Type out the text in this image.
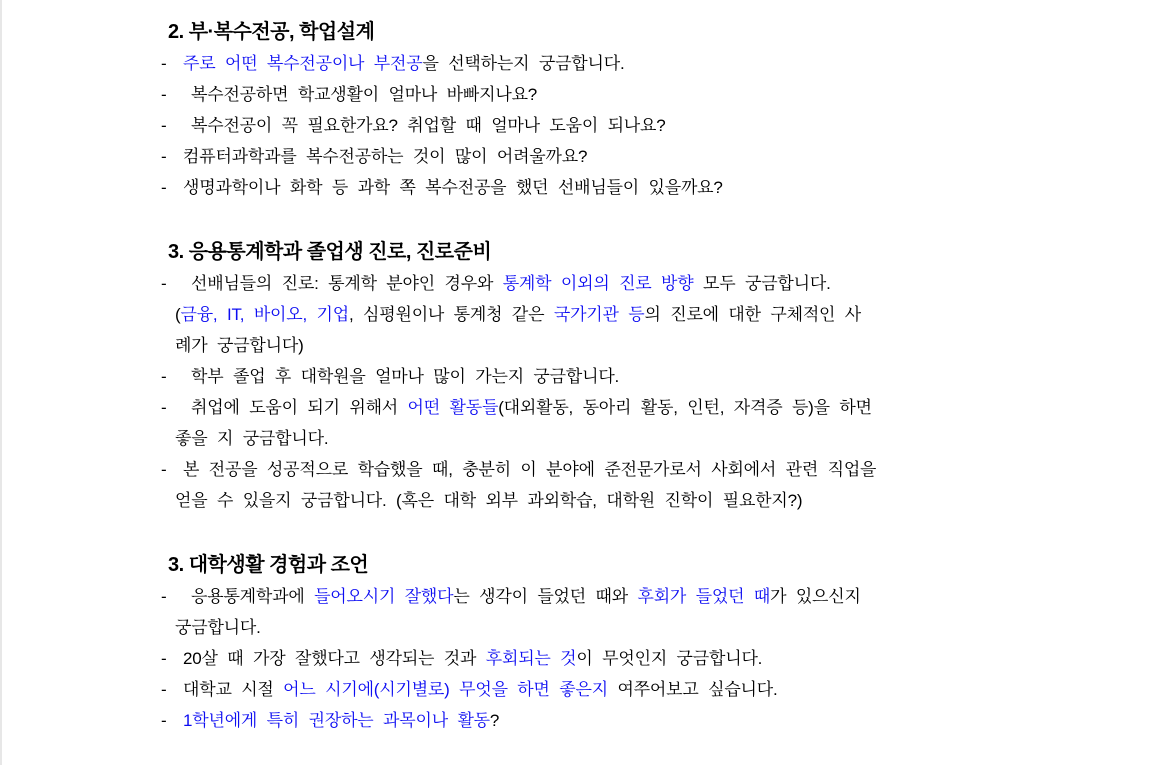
2. 부·복수전공, 학업설계
- 주로 어떤 복수전공이나 부전공을 선택하는지 궁금합니다.
- 복수전공하면 학교생활이 얼마나 바빠지나요?
- 복수전공이 꼭 필요한가요? 취업할 때 얼마나 도움이 되나요?
- 컴퓨터과학과를 복수전공하는 것이 많이 어려울까요?
- 생명과학이나 화학 등 과학 쪽 복수전공을 했던 선배님들이 있을까요?
3. 응용통계학과 졸업생 진로, 진로준비
- 선배님들의 진로: 통계학 분야인 경우와 통계학 이외의 진로 방향 모두 궁금합니다.
(금융, IT, 바이오, 기업, 심평원이나 통계청 같은 국가기관 등의 진로에 대한 구체적인 사
례가 궁금합니다)
- 학부 졸업 후 대학원을 얼마나 많이 가는지 궁금합니다.
- 취업에 도움이 되기 위해서 어떤 활동들(대외활동, 동아리 활동, 인턴, 자격증 등)을 하면
좋을 지 궁금합니다.
- 본 전공을 성공적으로 학습했을 때, 충분히 이 분야에 준전문가로서 사회에서 관련 직업을
얻을 수 있을지 궁금합니다. (혹은 대학 외부 과외학습, 대학원 진학이 필요한지?)
3. 대학생활 경험과 조언
- 응용통계학과에 들어오시기 잘했다는 생각이 들었던 때와 후회가 들었던 때가 있으신지
궁금합니다.
- 20살 때 가장 잘했다고 생각되는 것과 후회되는 것이 무엇인지 궁금합니다.
- 대학교 시절 어느 시기에(시기별로) 무엇을 하면 좋은지 여쭈어보고 싶습니다.
- 1학년에게 특히 권장하는 과목이나 활동?
